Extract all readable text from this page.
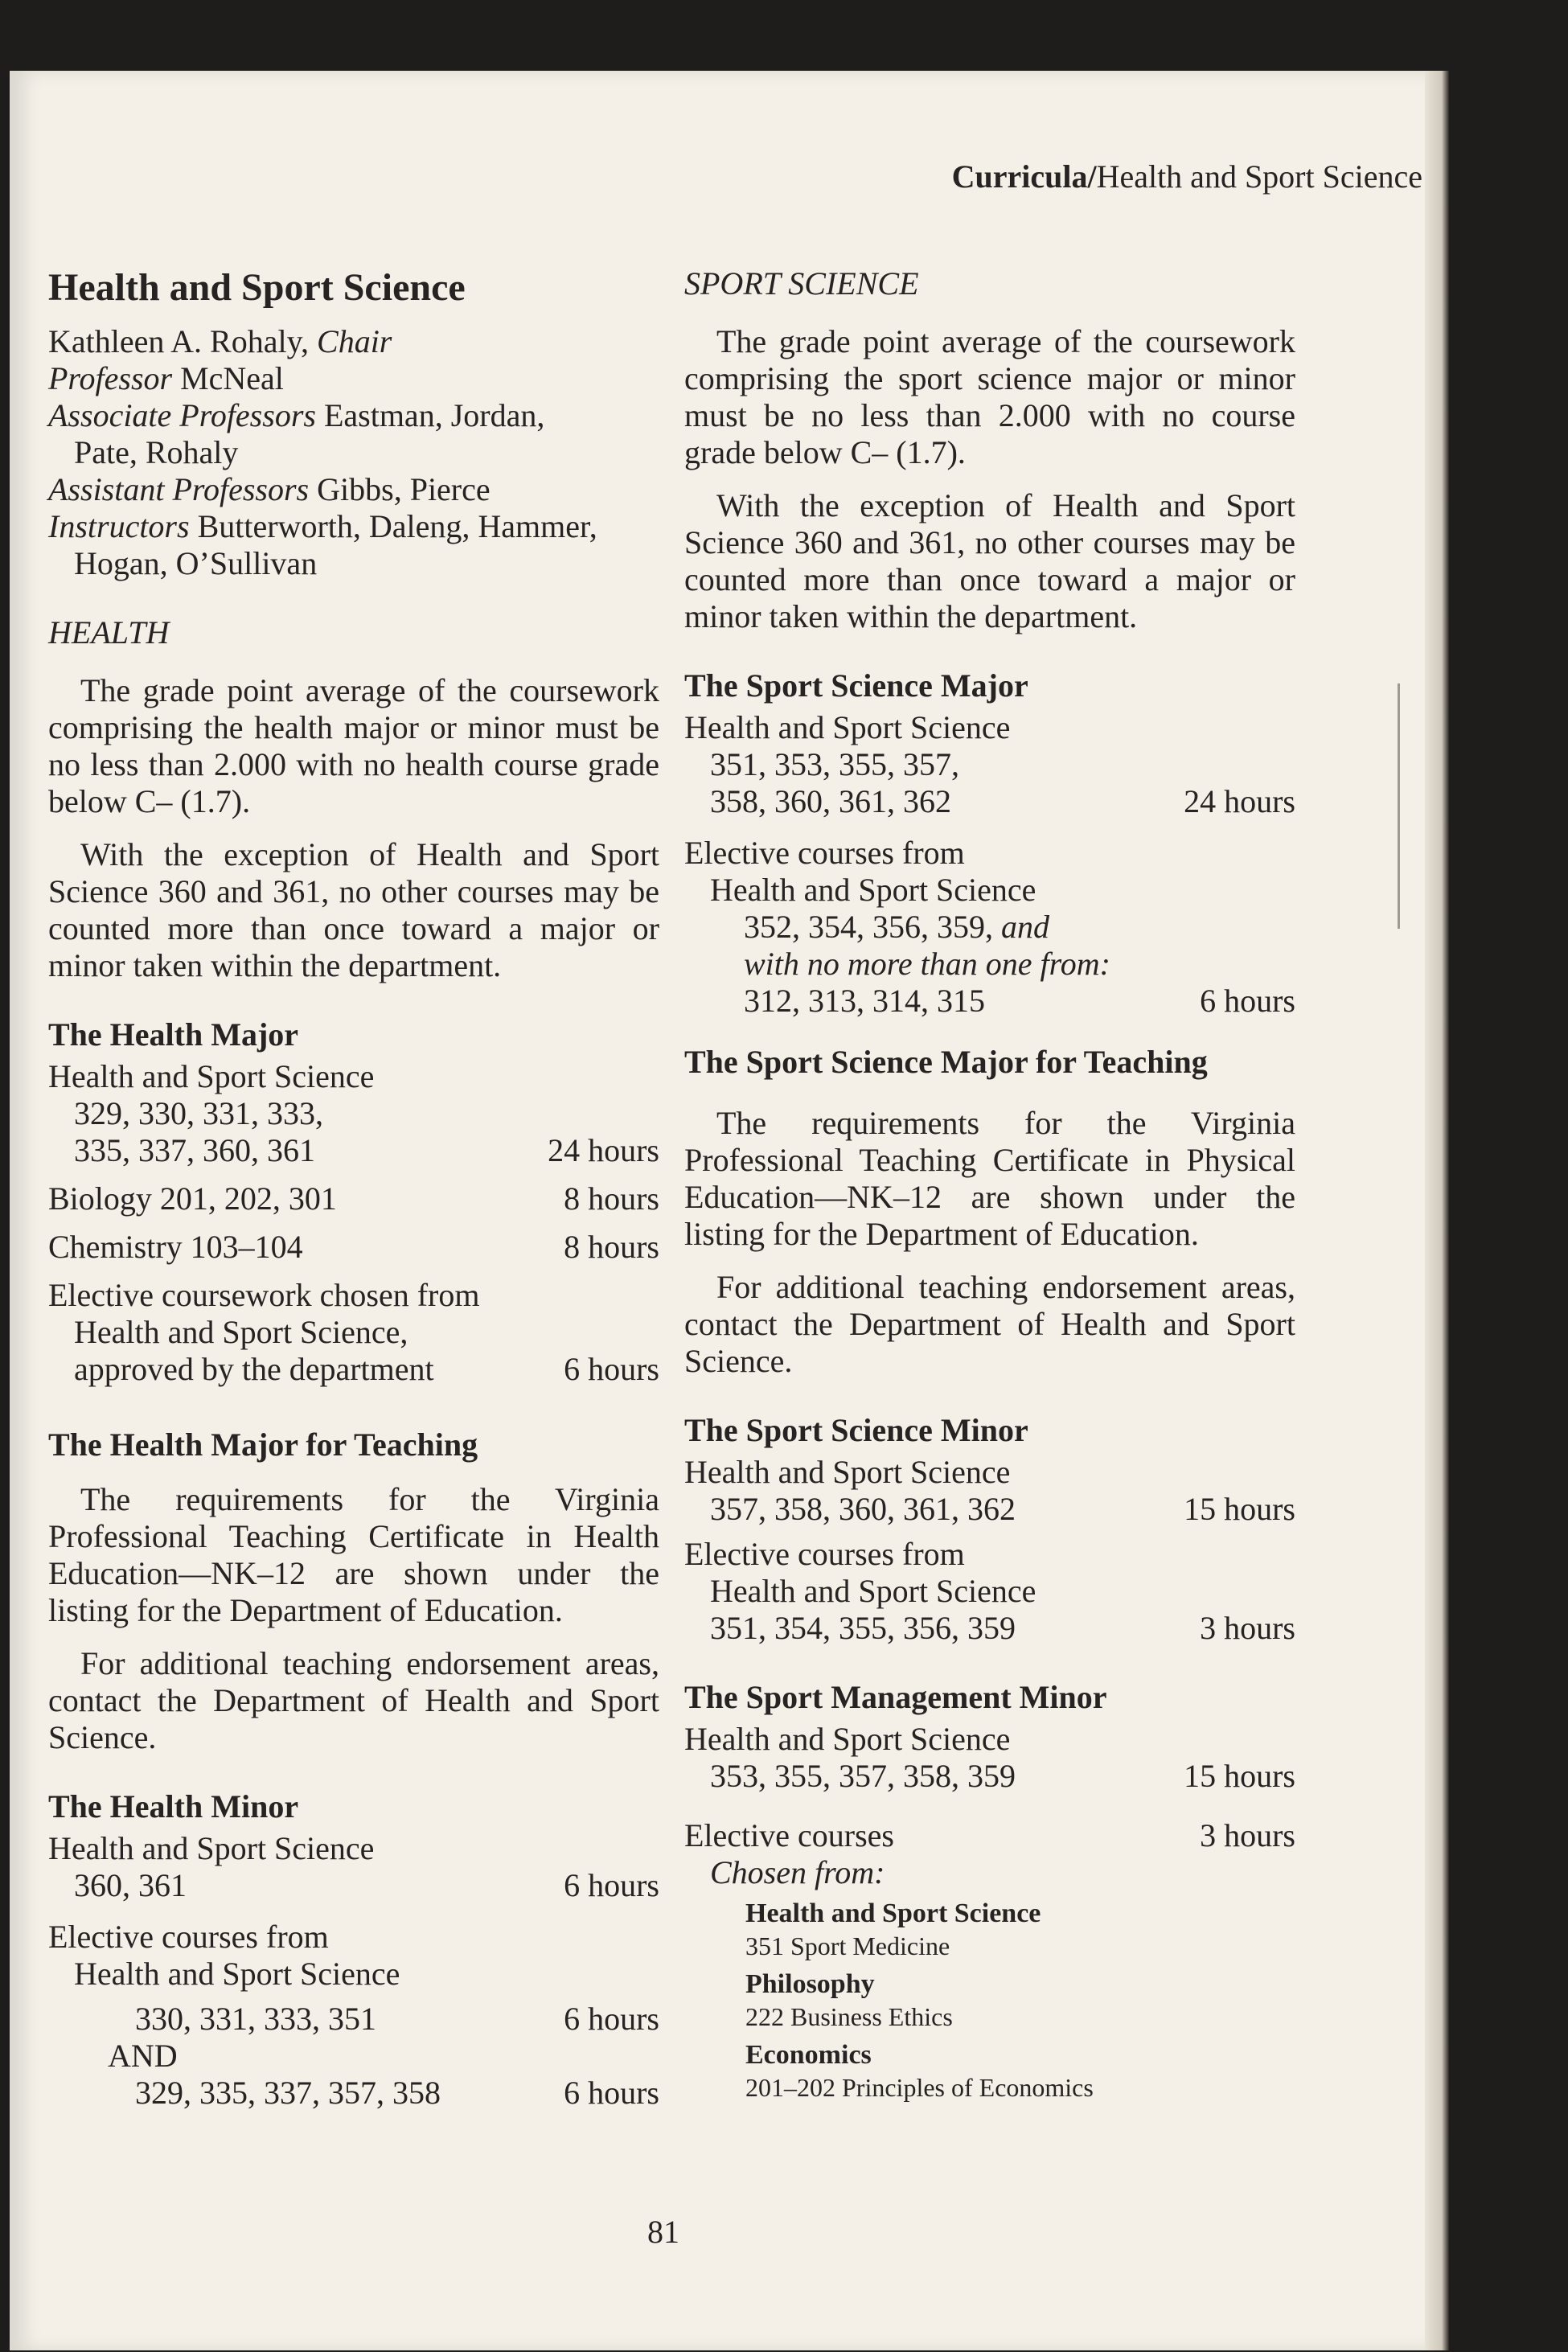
Curricula/Health and Sport Science
Health and Sport Science
Kathleen A. Rohaly, Chair
Professor McNeal
Associate Professors Eastman, Jordan,
Pate, Rohaly
Assistant Professors Gibbs, Pierce
Instructors Butterworth, Daleng, Hammer,
Hogan, O’Sullivan
HEALTH

The grade point average of the coursework comprising the health major or minor must be no less than 2.000 with no health course grade below C– (1.7).

With the exception of Health and Sport Science 360 and 361, no other courses may be counted more than once toward a major or minor taken within the department.

The Health Major
Health and Sport Science
329, 330, 331, 333,
335, 337, 360, 361	24 hours
Biology 201, 202, 301	8 hours
Chemistry 103–104	8 hours
Elective coursework chosen from
Health and Sport Science,
approved by the department	6 hours
The Health Major for Teaching

The requirements for the Virginia Professional Teaching Certificate in Health Education—NK–12 are shown under the listing for the Department of Education.

For additional teaching endorsement areas, contact the Department of Health and Sport Science.

The Health Minor
Health and Sport Science
360, 361	6 hours
Elective courses from
Health and Sport Science
330, 331, 333, 351	6 hours
AND
329, 335, 337, 357, 358	6 hours
SPORT SCIENCE

The grade point average of the coursework comprising the sport science major or minor must be no less than 2.000 with no course grade below C– (1.7).

With the exception of Health and Sport Science 360 and 361, no other courses may be counted more than once toward a major or minor taken within the department.

The Sport Science Major
Health and Sport Science
351, 353, 355, 357,
358, 360, 361, 362	24 hours
Elective courses from
Health and Sport Science
352, 354, 356, 359, and
with no more than one from:
312, 313, 314, 315	6 hours
The Sport Science Major for Teaching

The requirements for the Virginia Professional Teaching Certificate in Physical Education—NK–12 are shown under the listing for the Department of Education.

For additional teaching endorsement areas, contact the Department of Health and Sport Science.

The Sport Science Minor
Health and Sport Science
357, 358, 360, 361, 362	15 hours
Elective courses from
Health and Sport Science
351, 354, 355, 356, 359	3 hours
The Sport Management Minor
Health and Sport Science
353, 355, 357, 358, 359	15 hours
Elective courses	3 hours
Chosen from:
Health and Sport Science
351 Sport Medicine
Philosophy
222 Business Ethics
Economics
201–202 Principles of Economics
81
